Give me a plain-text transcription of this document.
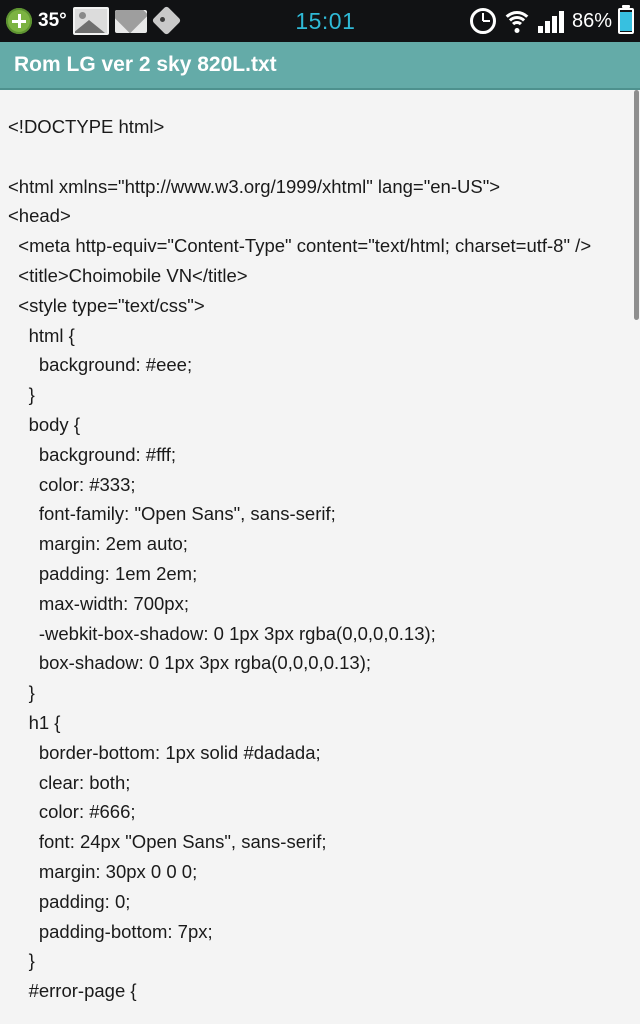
35°	15:01	86%
Rom LG ver 2 sky 820L.txt
<!DOCTYPE html>

<html xmlns="http://www.w3.org/1999/xhtml" lang="en-US">
<head>
<meta http-equiv="Content-Type" content="text/html; charset=utf-8" />
<title>Choimobile VN</title>
<style type="text/css">
html {
background: #eee;
}
body {
background: #fff;
color: #333;
font-family: "Open Sans", sans-serif;
margin: 2em auto;
padding: 1em 2em;
max-width: 700px;
-webkit-box-shadow: 0 1px 3px rgba(0,0,0,0.13);
box-shadow: 0 1px 3px rgba(0,0,0,0.13);
}
h1 {
border-bottom: 1px solid #dadada;
clear: both;
color: #666;
font: 24px "Open Sans", sans-serif;
margin: 30px 0 0 0;
padding: 0;
padding-bottom: 7px;
}
#error-page {
